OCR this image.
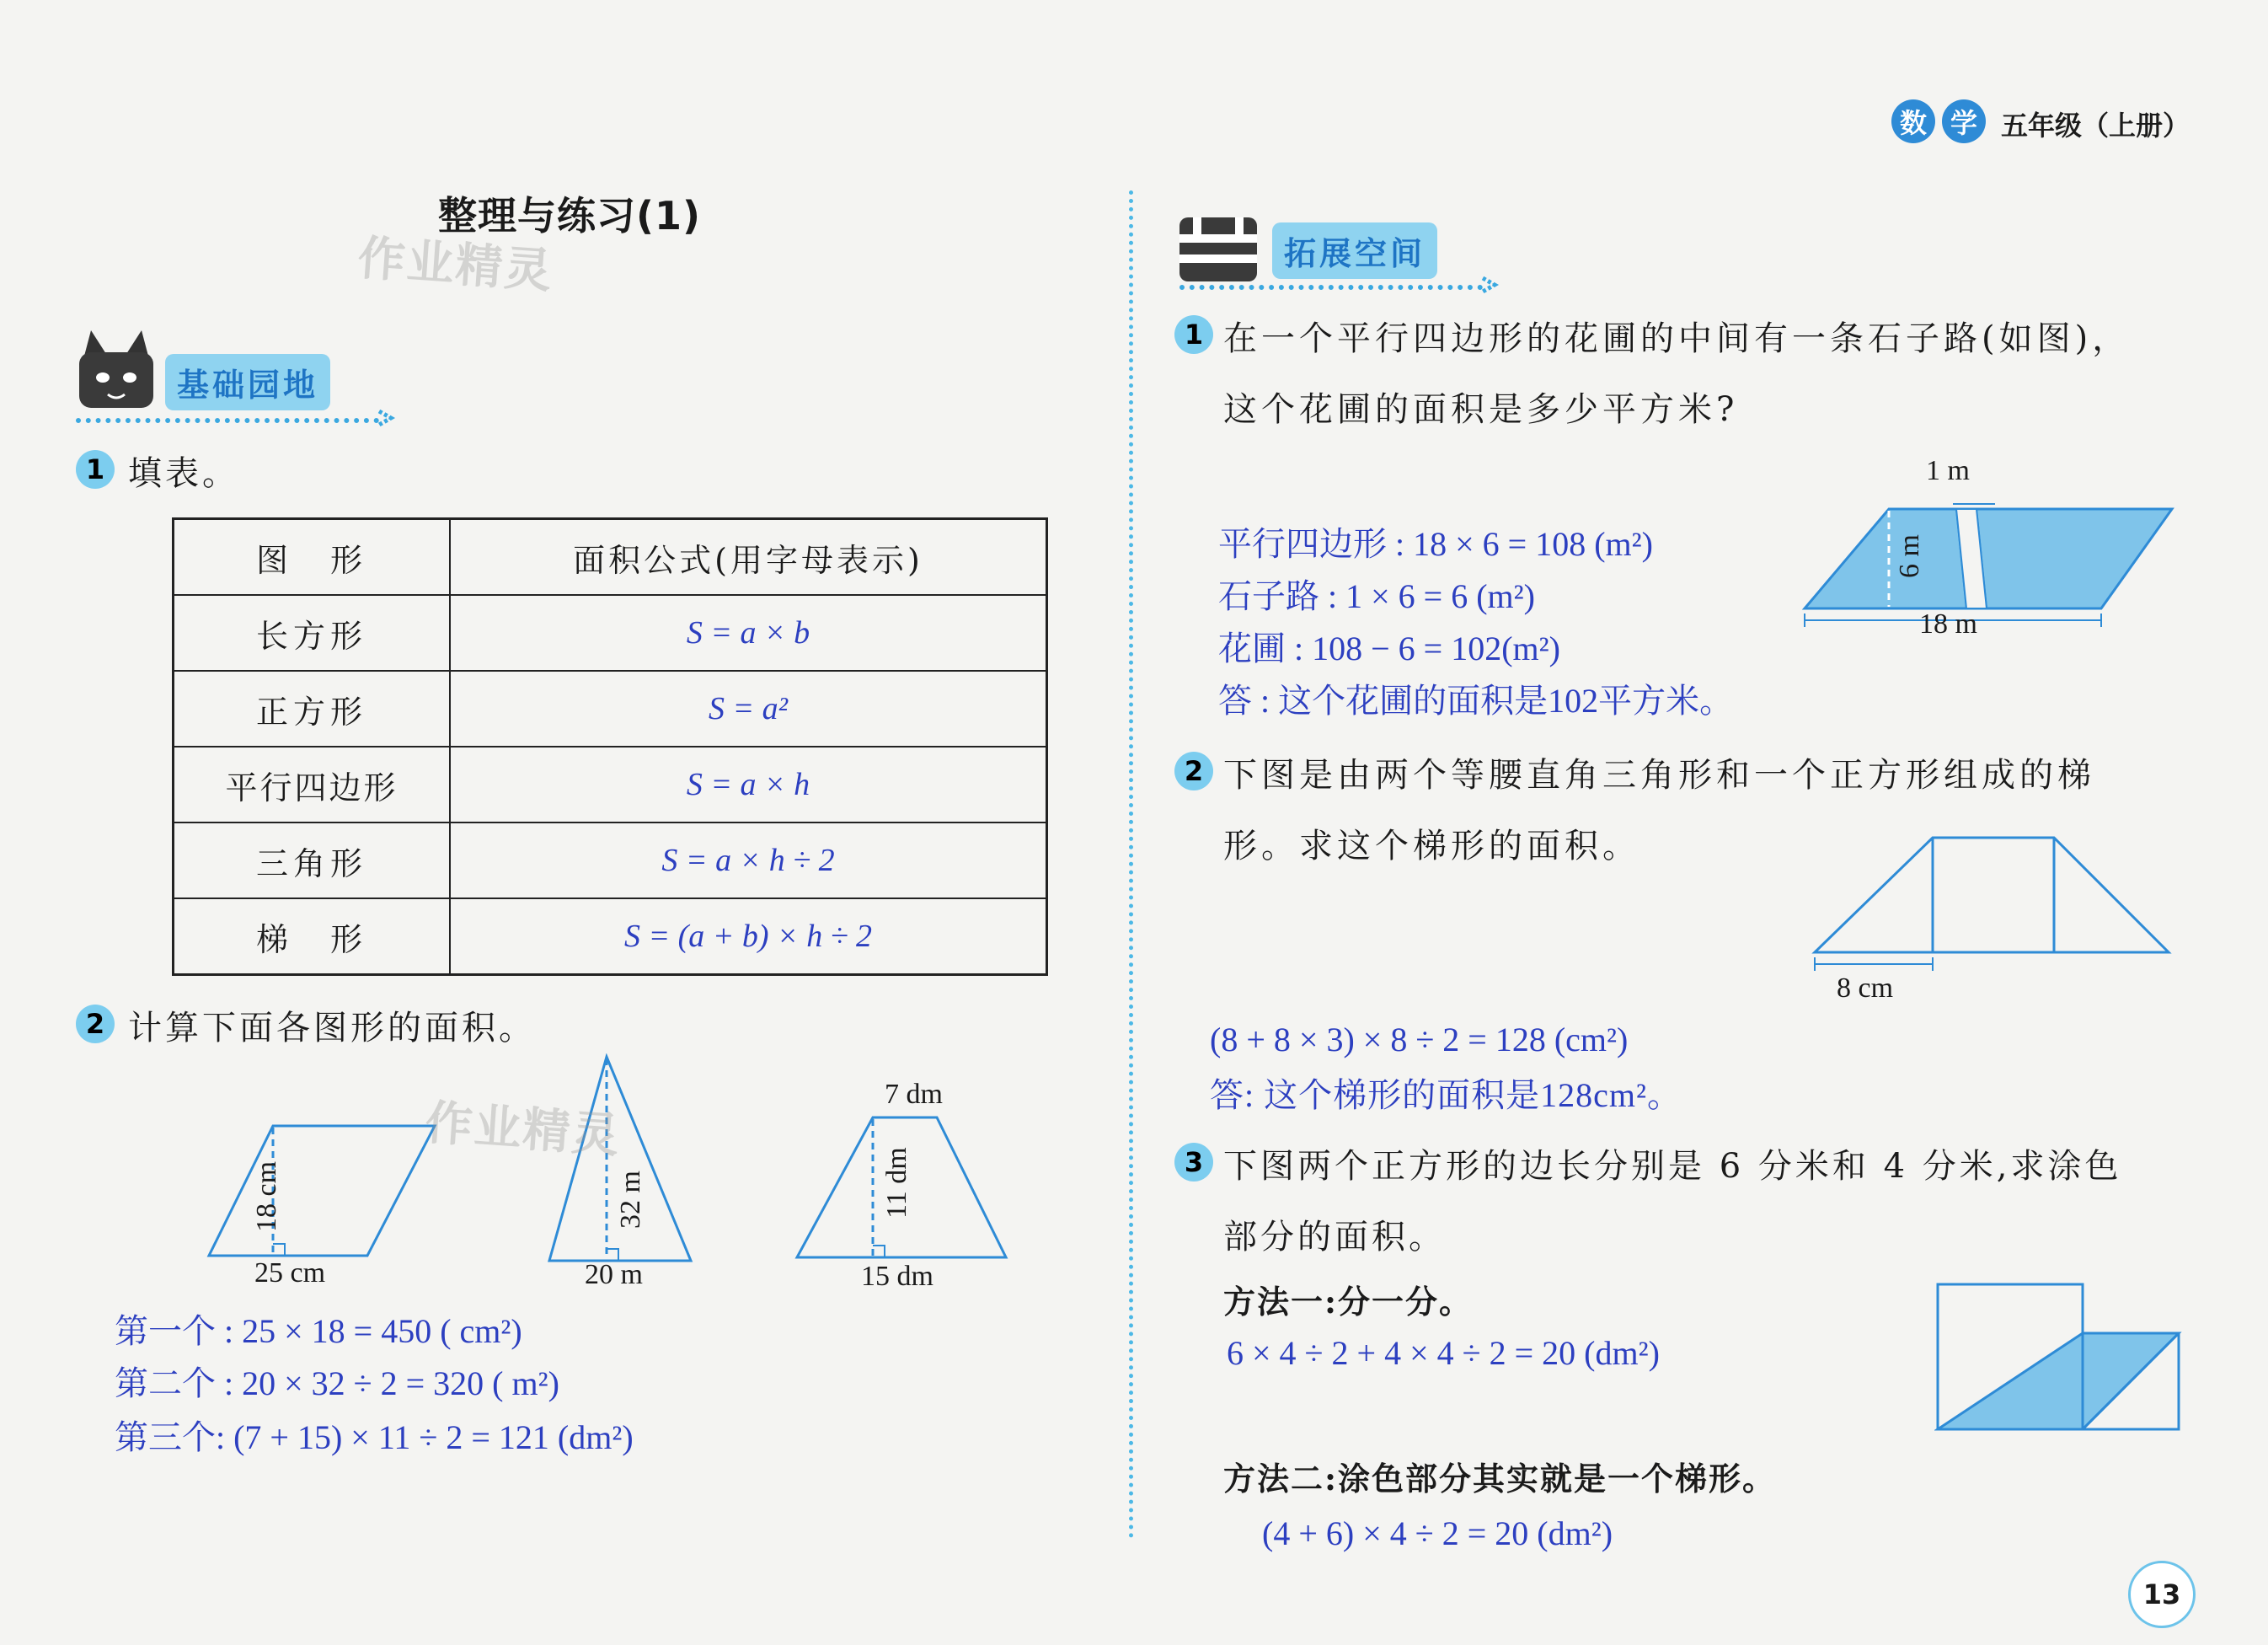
数 学 五年级（上册）
整理与练习(1)
作业精灵
基础园地
1 填表。
图　形	面积公式(用字母表示)
长方形	S = a × b
正方形	S = a²
平行四边形	S = a × h
三角形	S = a × h ÷ 2
梯　形	S = (a + b) × h ÷ 2
2 计算下面各图形的面积。
18 cm
25 cm
32 m
20 m
作业精灵
7 dm
11 dm
15 dm
第一个 : 25 × 18 = 450 ( cm²)
第二个 : 20 × 32 ÷ 2 = 320 ( m²)
第三个: (7 + 15) × 11 ÷ 2 = 121 (dm²)
拓展空间
1 在一个平行四边形的花圃的中间有一条石子路(如图)，
这个花圃的面积是多少平方米?
1 m
6 m
18 m
平行四边形 : 18 × 6 = 108 (m²)
石子路 : 1 × 6 = 6 (m²)
花圃 : 108 − 6 = 102(m²)
答 : 这个花圃的面积是102平方米。
2 下图是由两个等腰直角三角形和一个正方形组成的梯
形。求这个梯形的面积。
8 cm
(8 + 8 × 3) × 8 ÷ 2 = 128 (cm²)
答: 这个梯形的面积是128cm²。
3 下图两个正方形的边长分别是 6 分米和 4 分米,求涂色
部分的面积。
方法一:分一分。
6 × 4 ÷ 2 + 4 × 4 ÷ 2 = 20 (dm²)
方法二:涂色部分其实就是一个梯形。
(4 + 6) × 4 ÷ 2 = 20 (dm²)
13
